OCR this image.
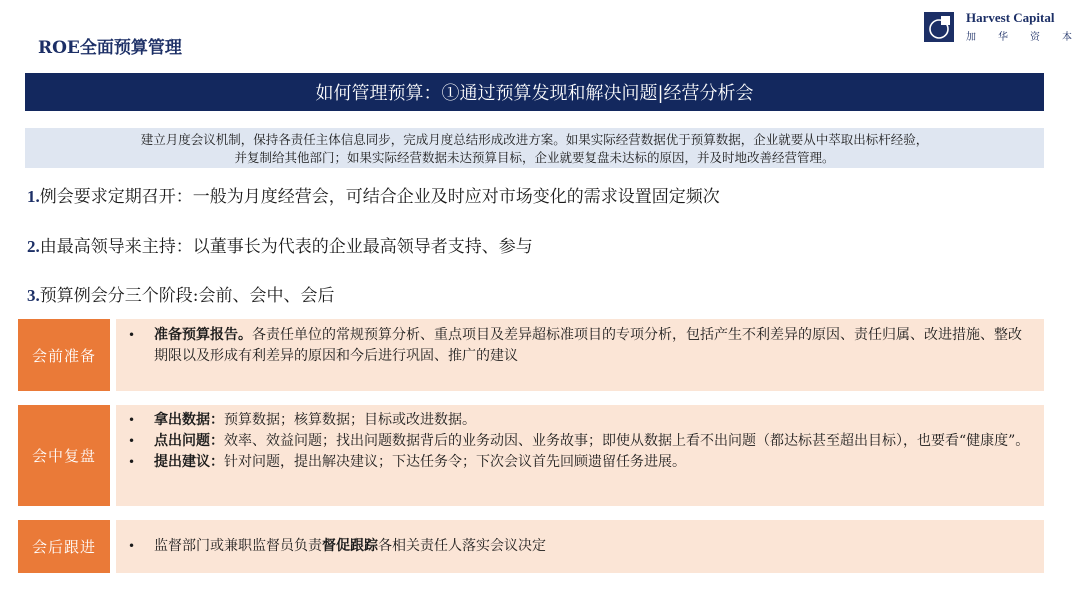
ROE全面预算管理
Harvest Capital
加 华 资 本
如何管理预算：①通过预算发现和解决问题|经营分析会
建立月度会议机制，保持各责任主体信息同步，完成月度总结形成改进方案。如果实际经营数据优于预算数据，企业就要从中萃取出标杆经验，
并复制给其他部门；如果实际经营数据未达预算目标，企业就要复盘未达标的原因，并及时地改善经营管理。
1.例会要求定期召开：一般为月度经营会，可结合企业及时应对市场变化的需求设置固定频次
2.由最高领导来主持：以董事长为代表的企业最高领导者支持、参与
3.预算例会分三个阶段:会前、会中、会后
会前准备
• 准备预算报告。各责任单位的常规预算分析、重点项目及差异超标准项目的专项分析，包括产生不利差异的原因、责任归属、改进措施、整改期限以及形成有利差异的原因和今后进行巩固、推广的建议
会中复盘
• 拿出数据：预算数据；核算数据；目标或改进数据。
• 点出问题：效率、效益问题；找出问题数据背后的业务动因、业务故事；即使从数据上看不出问题（都达标甚至超出目标），也要看“健康度”。
• 提出建议：针对问题，提出解决建议；下达任务令；下次会议首先回顾遗留任务进展。
会后跟进	• 监督部门或兼职监督员负责督促跟踪各相关责任人落实会议决定
